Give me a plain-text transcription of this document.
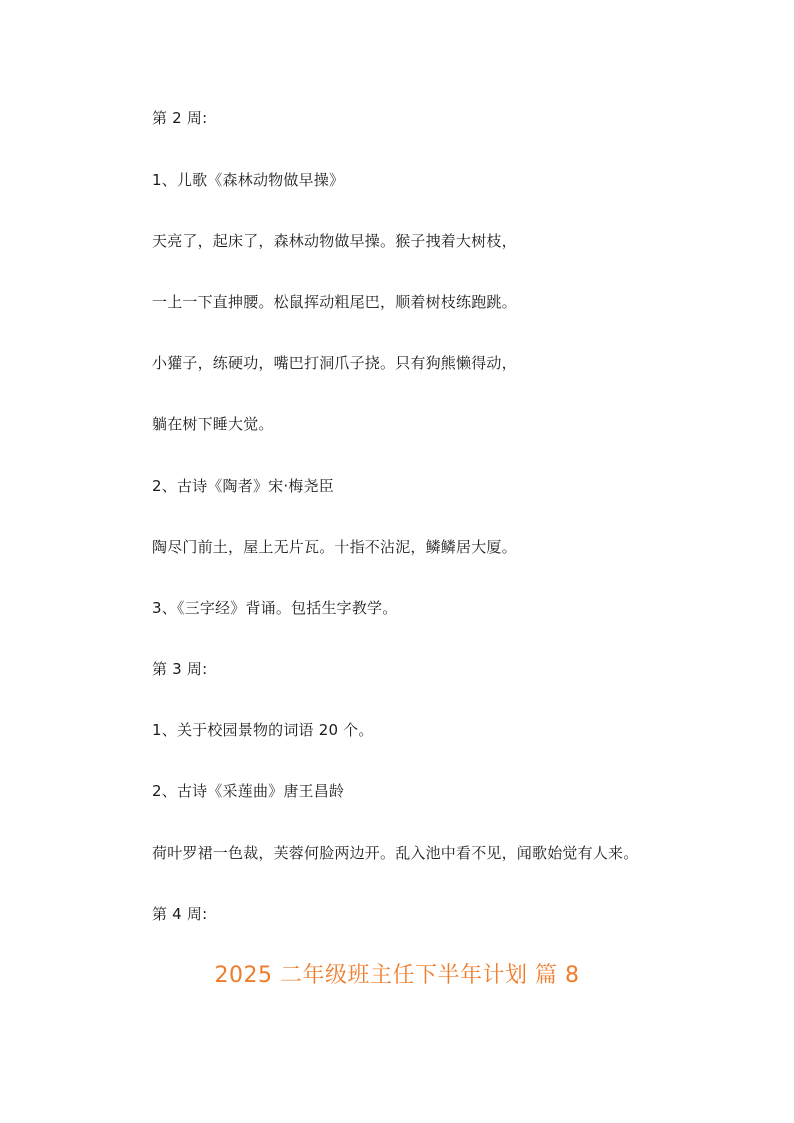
第 2 周:
1、儿歌《森林动物做早操》
天亮了，起床了，森林动物做早操。猴子拽着大树枝，
一上一下直抻腰。松鼠挥动粗尾巴，顺着树枝练跑跳。
小獾子，练硬功，嘴巴打洞爪子挠。只有狗熊懒得动，
躺在树下睡大觉。
2、古诗《陶者》宋·梅尧臣
陶尽门前土，屋上无片瓦。十指不沾泥，鳞鳞居大厦。
3、《三字经》背诵。包括生字教学。
第 3 周:
1、关于校园景物的词语 20 个。
2、古诗《采莲曲》唐王昌龄
荷叶罗裙一色裁，芙蓉何脸两边开。乱入池中看不见，闻歌始觉有人来。
第 4 周:
2025 二年级班主任下半年计划 篇 8
